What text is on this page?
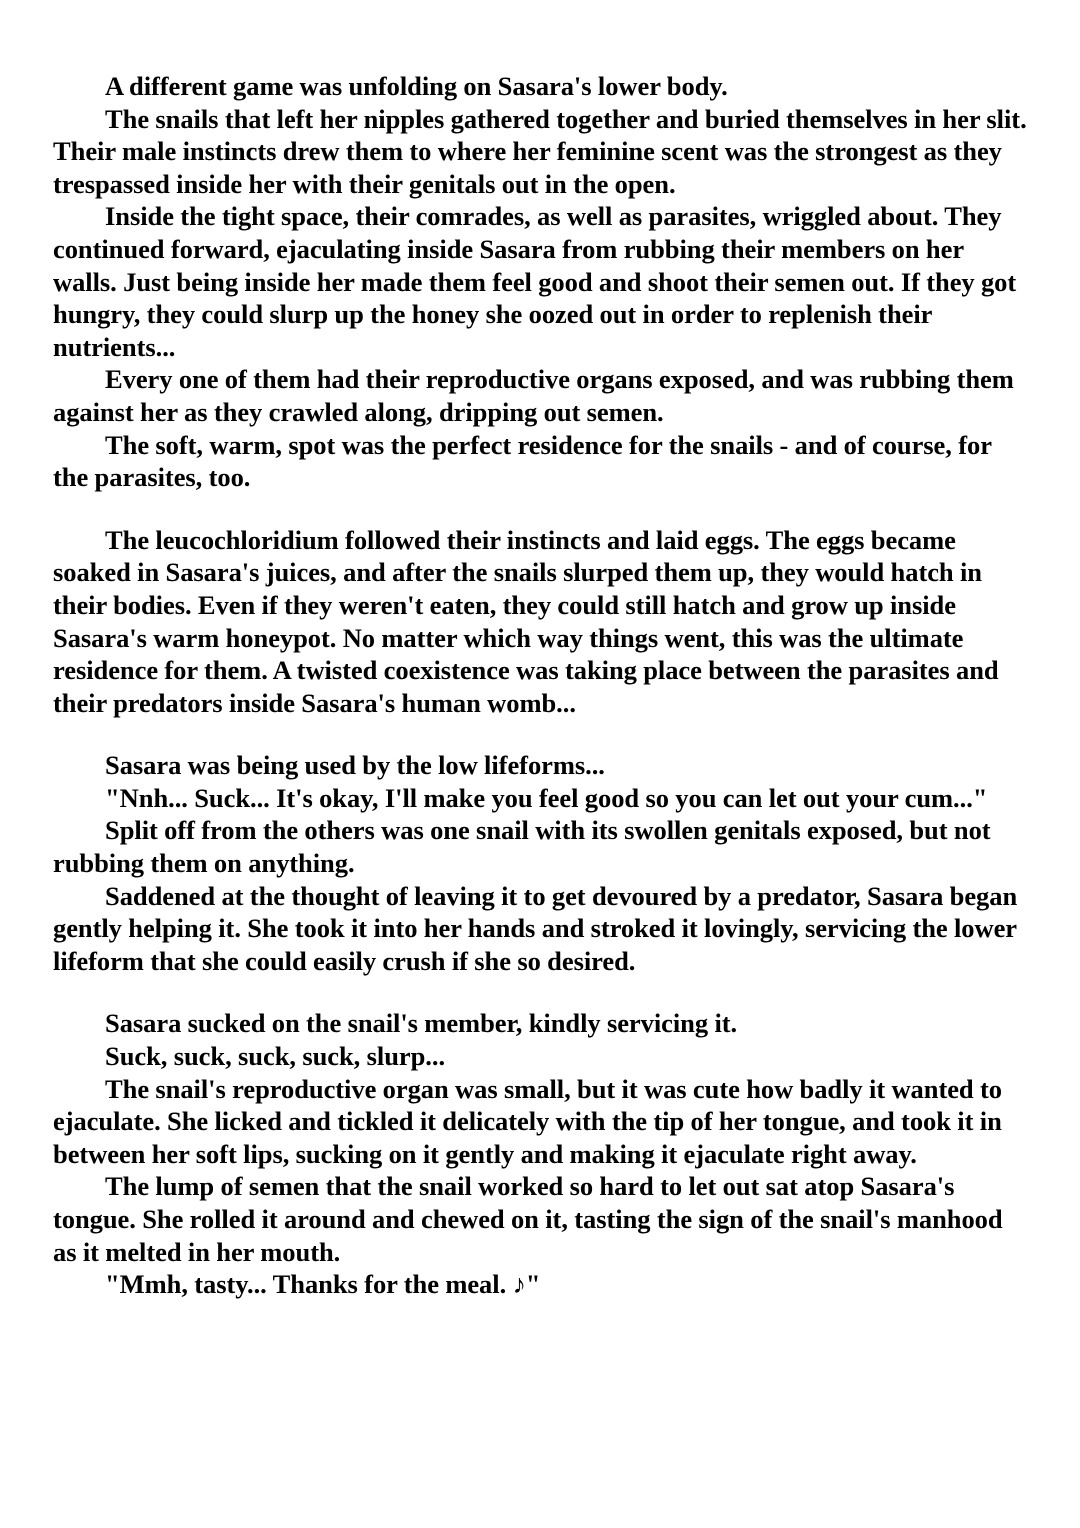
A different game was unfolding on Sasara's lower body.

The snails that left her nipples gathered together and buried themselves in her slit. Their male instincts drew them to where her feminine scent was the strongest as they trespassed inside her with their genitals out in the open.

Inside the tight space, their comrades, as well as parasites, wriggled about. They continued forward, ejaculating inside Sasara from rubbing their members on her walls. Just being inside her made them feel good and shoot their semen out. If they got hungry, they could slurp up the honey she oozed out in order to replenish their nutrients...

Every one of them had their reproductive organs exposed, and was rubbing them against her as they crawled along, dripping out semen.

The soft, warm, spot was the perfect residence for the snails - and of course, for the parasites, too.

The leucochloridium followed their instincts and laid eggs. The eggs became soaked in Sasara's juices, and after the snails slurped them up, they would hatch in their bodies. Even if they weren't eaten, they could still hatch and grow up inside Sasara's warm honeypot. No matter which way things went, this was the ultimate residence for them. A twisted coexistence was taking place between the parasites and their predators inside Sasara's human womb...

Sasara was being used by the low lifeforms...

"Nnh... Suck... It's okay, I'll make you feel good so you can let out your cum..."

Split off from the others was one snail with its swollen genitals exposed, but not rubbing them on anything.

Saddened at the thought of leaving it to get devoured by a predator, Sasara began gently helping it. She took it into her hands and stroked it lovingly, servicing the lower lifeform that she could easily crush if she so desired.

Sasara sucked on the snail's member, kindly servicing it.

Suck, suck, suck, suck, slurp...

The snail's reproductive organ was small, but it was cute how badly it wanted to ejaculate. She licked and tickled it delicately with the tip of her tongue, and took it in between her soft lips, sucking on it gently and making it ejaculate right away.

The lump of semen that the snail worked so hard to let out sat atop Sasara's tongue. She rolled it around and chewed on it, tasting the sign of the snail's manhood as it melted in her mouth.

"Mmh, tasty... Thanks for the meal. ♪"
